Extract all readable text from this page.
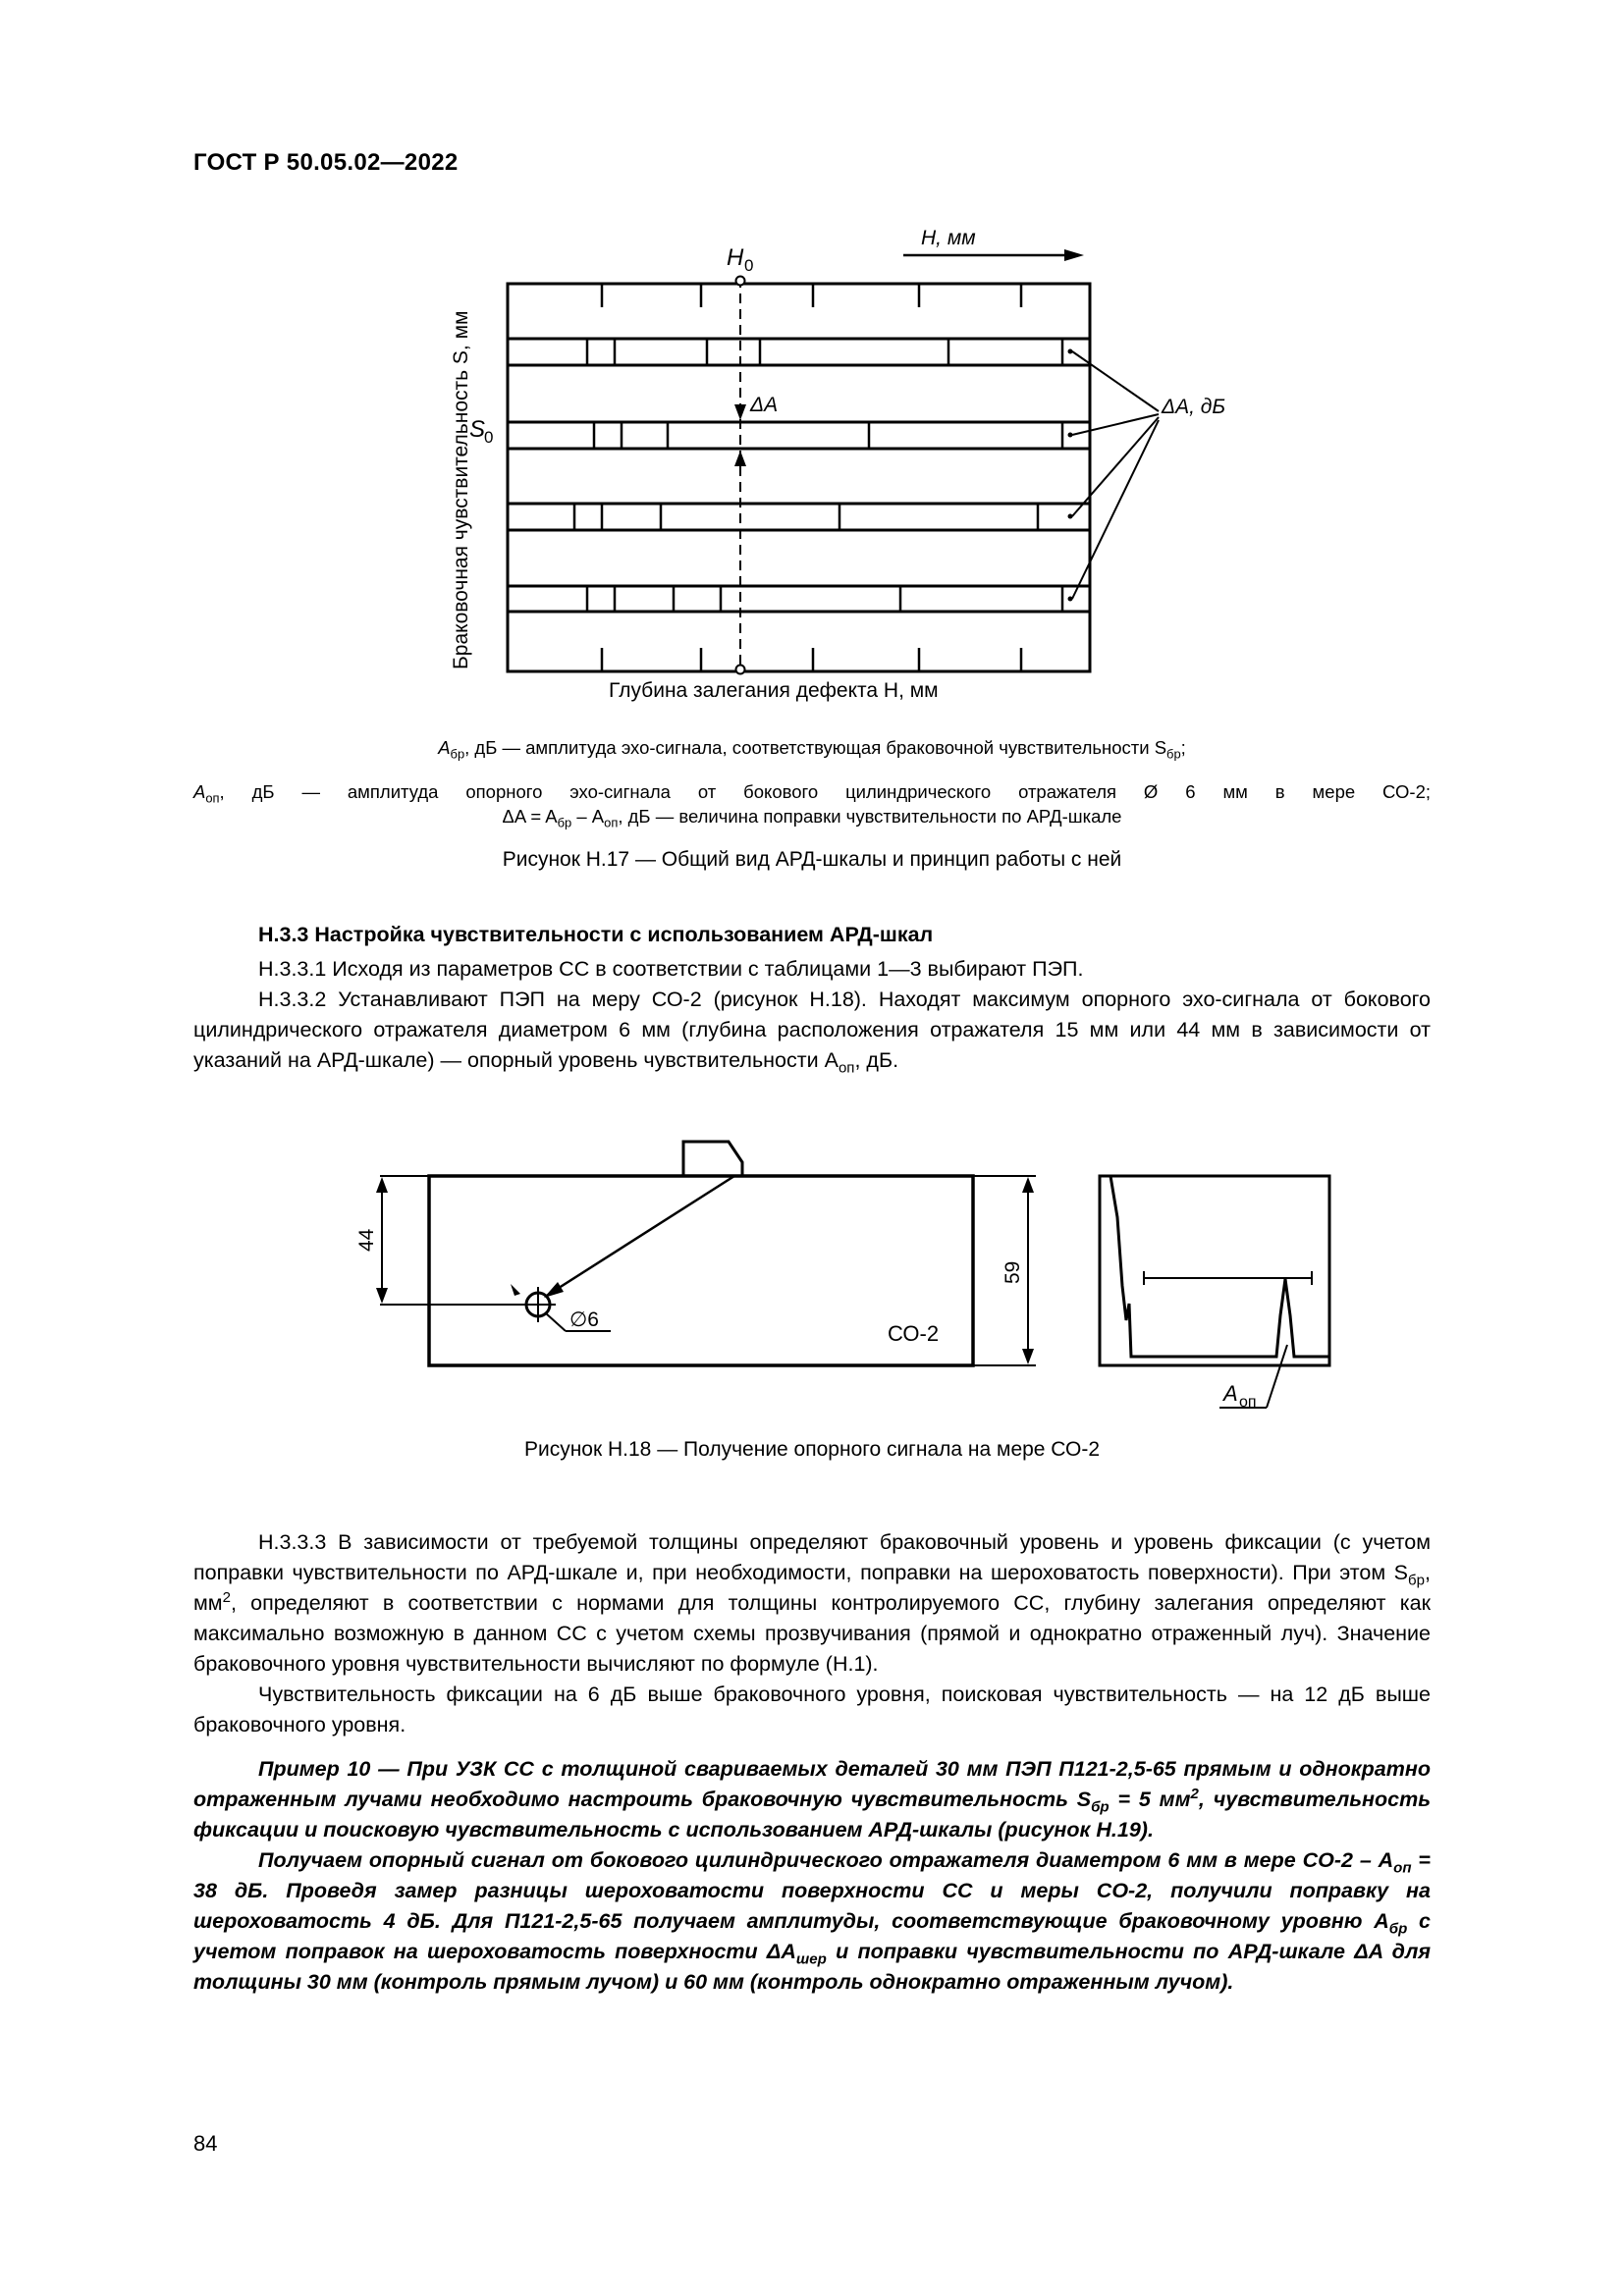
ГОСТ Р 50.05.02—2022
H 0
H, мм
S
0
ΔA	ΔA, дБ
Браковочная чувствительность S, мм
Глубина залегания дефекта H, мм
$A_{бр}$, дБ — амплитуда эхо-сигнала, соответствующая браковочной чувствительности $S_{бр}$;
$A_{оп}$, дБ — амплитуда опорного эхо-сигнала от бокового цилиндрического отражателя Ø 6 мм в мере СО-2;
$\Delta A = A_{бр} - A_{оп}$, дБ — величина поправки чувствительности по АРД-шкале
Рисунок Н.17 — Общий вид АРД-шкалы и принцип работы с ней
Н.3.3 Настройка чувствительности с использованием АРД-шкал

Н.3.3.1 Исходя из параметров СС в соответствии с таблицами 1—3 выбирают ПЭП.

Н.3.3.2 Устанавливают ПЭП на меру СО-2 (рисунок Н.18). Находят максимум опорного эхо-сигнала от бокового цилиндрического отражателя диаметром 6 мм (глубина расположения отражателя 15 мм или 44 мм в зависимости от указаний на АРД-шкале) — опорный уровень чувствительности $A_{оп}$, дБ.

44
59
∅6
СО-2
A оп
Рисунок Н.18 — Получение опорного сигнала на мере СО-2

Н.3.3.3 В зависимости от требуемой толщины определяют браковочный уровень и уровень фиксации (с учетом поправки чувствительности по АРД-шкале и, при необходимости, поправки на шероховатость поверхности). При этом $S_{бр}$, $мм^2$, определяют в соответствии с нормами для толщины контролируемого СС, глубину залегания определяют как максимально возможную в данном СС с учетом схемы прозвучивания (прямой и однократно отраженный луч). Значение браковочного уровня чувствительности вычисляют по формуле (Н.1).

Чувствительность фиксации на 6 дБ выше браковочного уровня, поисковая чувствительность — на 12 дБ выше браковочного уровня.

Пример 10 — При УЗК СС с толщиной свариваемых деталей 30 мм ПЭП П121-2,5-65 прямым и однократно отраженным лучами необходимо настроить браковочную чувствительность $S_{бр} = 5$ $мм^2$, чувствительность фиксации и поисковую чувствительность с использованием АРД-шкалы (рисунок Н.19).

Получаем опорный сигнал от бокового цилиндрического отражателя диаметром 6 мм в мере $СО-2 - A_{оп} = 38$ дБ. Проведя замер разницы шероховатости поверхности СС и меры СО-2, получили поправку на шероховатость 4 дБ. Для П121-2,5-65 получаем амплитуды, соответствующие браковочному уровню $A_{бр}$ с учетом поправок на шероховатость поверхности $\Delta A_{шер}$ и поправки чувствительности по АРД-шкале ΔA для толщины 30 мм (контроль прямым лучом) и 60 мм (контроль однократно отраженным лучом).

84
